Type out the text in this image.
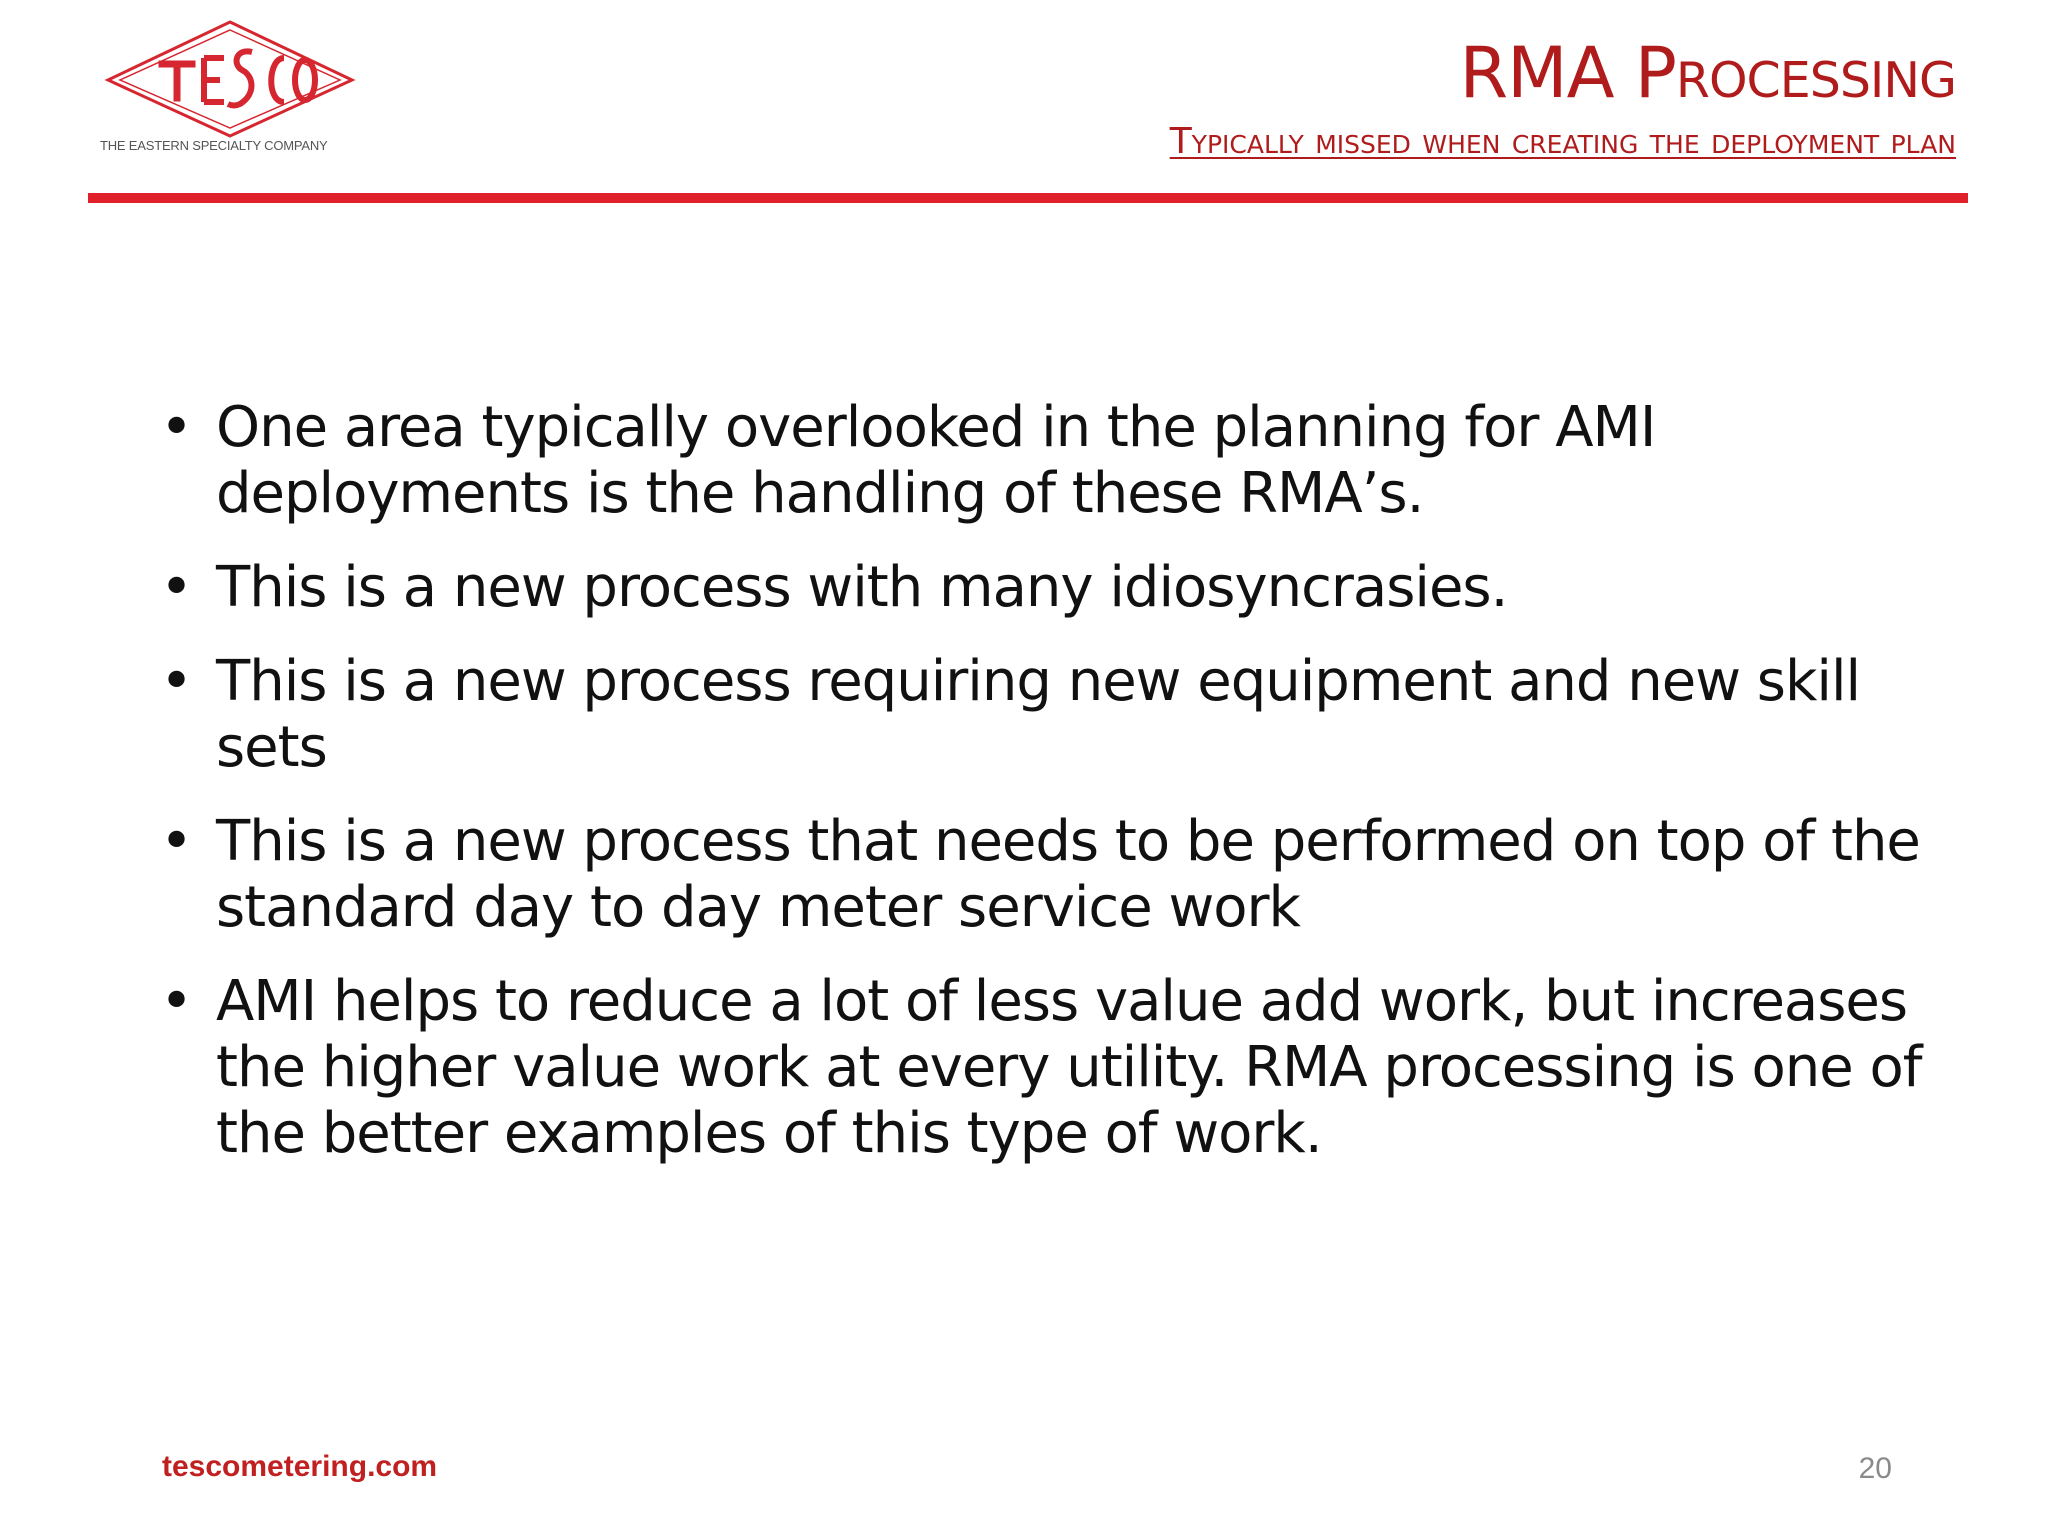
THE EASTERN SPECIALTY COMPANY
RMA Processing
Typically missed when creating the deployment plan
• One area typically overlooked in the planning for AMI deployments is the handling of these RMA’s.
• This is a new process with many idiosyncrasies.
• This is a new process requiring new equipment and new skill sets
• This is a new process that needs to be performed on top of the standard day to day meter service work
• AMI helps to reduce a lot of less value add work, but increases the higher value work at every utility. RMA processing is one of the better examples of this type of work.
tescometering.com	20
